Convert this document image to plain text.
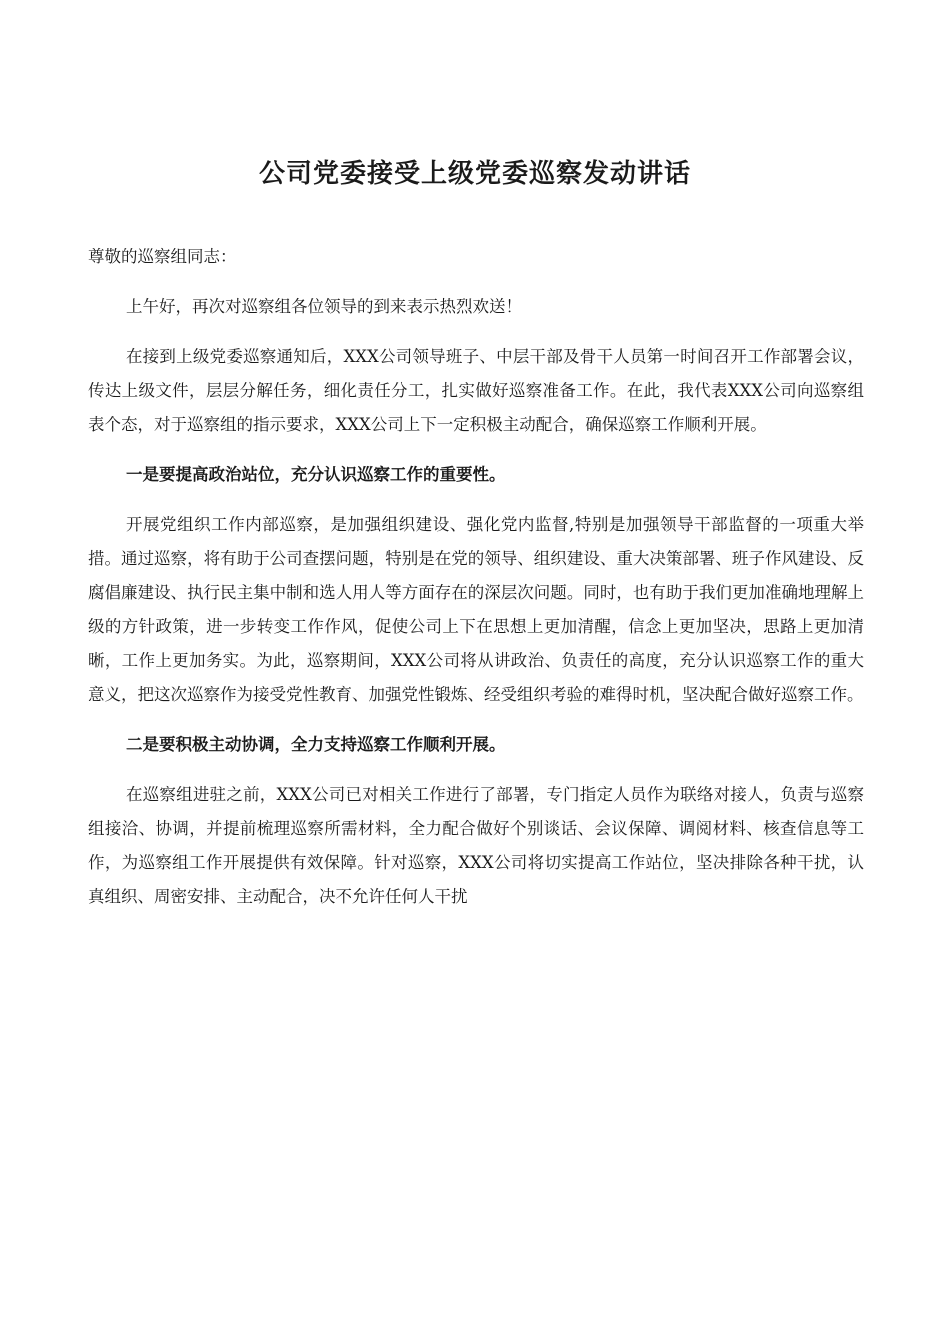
公司党委接受上级党委巡察发动讲话

尊敬的巡察组同志：

上午好，再次对巡察组各位领导的到来表示热烈欢送！

在接到上级党委巡察通知后，XXX公司领导班子、中层干部及骨干人员第一时间召开工作部署会议，传达上级文件，层层分解任务，细化责任分工，扎实做好巡察准备工作。在此，我代表XXX公司向巡察组表个态，对于巡察组的指示要求，XXX公司上下一定积极主动配合，确保巡察工作顺利开展。

一是要提高政治站位，充分认识巡察工作的重要性。

开展党组织工作内部巡察，是加强组织建设、强化党内监督,特别是加强领导干部监督的一项重大举措。通过巡察，将有助于公司查摆问题，特别是在党的领导、组织建设、重大决策部署、班子作风建设、反腐倡廉建设、执行民主集中制和选人用人等方面存在的深层次问题。同时，也有助于我们更加准确地理解上级的方针政策，进一步转变工作作风，促使公司上下在思想上更加清醒，信念上更加坚决，思路上更加清晰，工作上更加务实。为此，巡察期间，XXX公司将从讲政治、负责任的高度，充分认识巡察工作的重大意义，把这次巡察作为接受党性教育、加强党性锻炼、经受组织考验的难得时机，坚决配合做好巡察工作。

二是要积极主动协调，全力支持巡察工作顺利开展。

在巡察组进驻之前，XXX公司已对相关工作进行了部署，专门指定人员作为联络对接人，负责与巡察组接洽、协调，并提前梳理巡察所需材料，全力配合做好个别谈话、会议保障、调阅材料、核查信息等工作，为巡察组工作开展提供有效保障。针对巡察，XXX公司将切实提高工作站位，坚决排除各种干扰，认真组织、周密安排、主动配合，决不允许任何人干扰
